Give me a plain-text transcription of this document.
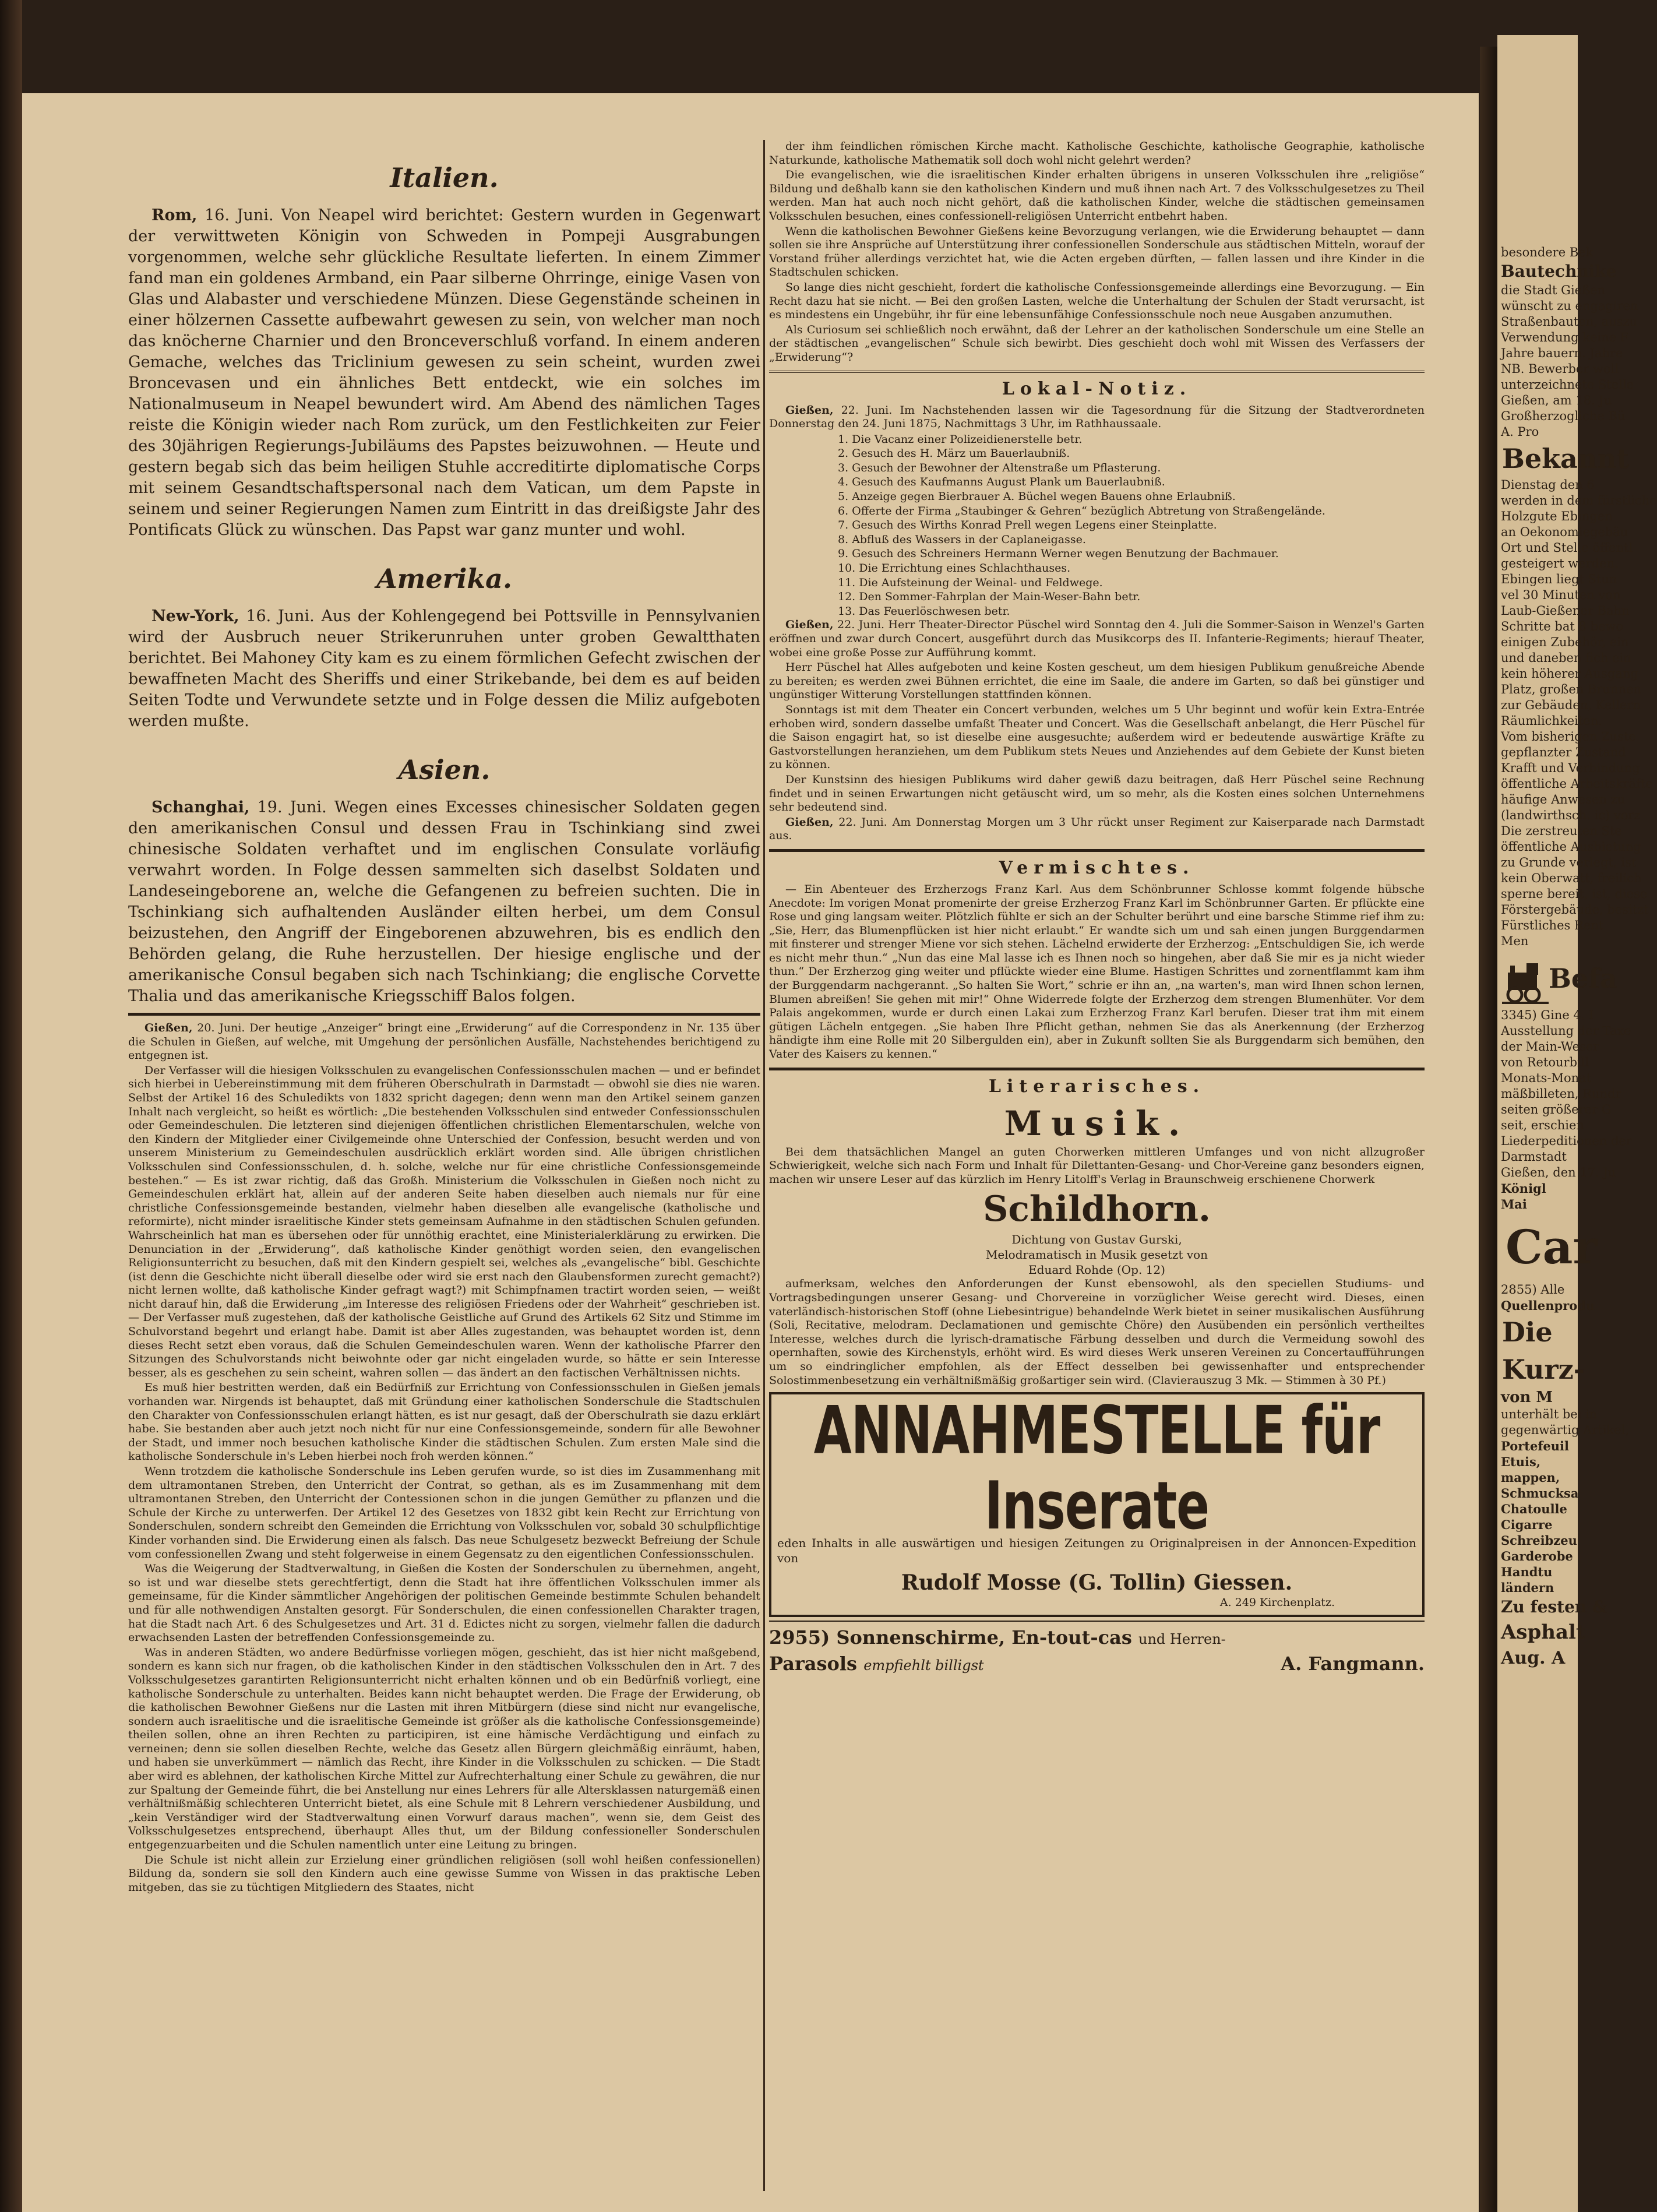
Italien.

Rom, 16. Juni. Von Neapel wird berichtet: Gestern wurden in Gegenwart der verwittweten Königin von Schweden in Pompeji Ausgrabungen vorgenommen, welche sehr glückliche Resultate lieferten. In einem Zimmer fand man ein goldenes Armband, ein Paar silberne Ohrringe, einige Vasen von Glas und Alabaster und verschiedene Münzen. Diese Gegenstände scheinen in einer hölzernen Cassette aufbewahrt gewesen zu sein, von welcher man noch das knöcherne Charnier und den Bronceverschluß vorfand. In einem anderen Gemache, welches das Triclinium gewesen zu sein scheint, wurden zwei Broncevasen und ein ähnliches Bett entdeckt, wie ein solches im Nationalmuseum in Neapel bewundert wird. Am Abend des nämlichen Tages reiste die Königin wieder nach Rom zurück, um den Festlichkeiten zur Feier des 30jährigen Regierungs-Jubiläums des Papstes beizuwohnen. — Heute und gestern begab sich das beim heiligen Stuhle accreditirte diplomatische Corps mit seinem Gesandtschaftspersonal nach dem Vatican, um dem Papste in seinem und seiner Regierungen Namen zum Eintritt in das dreißigste Jahr des Pontificats Glück zu wünschen. Das Papst war ganz munter und wohl.

Amerika.

New-York, 16. Juni. Aus der Kohlengegend bei Pottsville in Pennsylvanien wird der Ausbruch neuer Strikerunruhen unter groben Gewaltthaten berichtet. Bei Mahoney City kam es zu einem förmlichen Gefecht zwischen der bewaffneten Macht des Sheriffs und einer Strikebande, bei dem es auf beiden Seiten Todte und Verwundete setzte und in Folge dessen die Miliz aufgeboten werden mußte.

Asien.

Schanghai, 19. Juni. Wegen eines Excesses chinesischer Soldaten gegen den amerikanischen Consul und dessen Frau in Tschinkiang sind zwei chinesische Soldaten verhaftet und im englischen Consulate vorläufig verwahrt worden. In Folge dessen sammelten sich daselbst Soldaten und Landeseingeborene an, welche die Gefangenen zu befreien suchten. Die in Tschinkiang sich aufhaltenden Ausländer eilten herbei, um dem Consul beizustehen, den Angriff der Eingeborenen abzuwehren, bis es endlich den Behörden gelang, die Ruhe herzustellen. Der hiesige englische und der amerikanische Consul begaben sich nach Tschinkiang; die englische Corvette Thalia und das amerikanische Kriegsschiff Balos folgen.

Gießen, 20. Juni. Der heutige „Anzeiger“ bringt eine „Erwiderung“ auf die Correspondenz in Nr. 135 über die Schulen in Gießen, auf welche, mit Umgehung der persönlichen Ausfälle, Nachstehendes berichtigend zu entgegnen ist.

Der Verfasser will die hiesigen Volksschulen zu evangelischen Confessionsschulen machen — und er befindet sich hierbei in Uebereinstimmung mit dem früheren Oberschulrath in Darmstadt — obwohl sie dies nie waren. Selbst der Artikel 16 des Schuledikts von 1832 spricht dagegen; denn wenn man den Artikel seinem ganzen Inhalt nach vergleicht, so heißt es wörtlich: „Die bestehenden Volksschulen sind entweder Confessionsschulen oder Gemeindeschulen. Die letzteren sind diejenigen öffentlichen christlichen Elementarschulen, welche von den Kindern der Mitglieder einer Civilgemeinde ohne Unterschied der Confession, besucht werden und von unserem Ministerium zu Gemeindeschulen ausdrücklich erklärt worden sind. Alle übrigen christlichen Volksschulen sind Confessionsschulen, d. h. solche, welche nur für eine christliche Confessionsgemeinde bestehen.“ — Es ist zwar richtig, daß das Großh. Ministerium die Volksschulen in Gießen noch nicht zu Gemeindeschulen erklärt hat, allein auf der anderen Seite haben dieselben auch niemals nur für eine christliche Confessionsgemeinde bestanden, vielmehr haben dieselben alle evangelische (katholische und reformirte), nicht minder israelitische Kinder stets gemeinsam Aufnahme in den städtischen Schulen gefunden. Wahrscheinlich hat man es übersehen oder für unnöthig erachtet, eine Ministerialerklärung zu erwirken. Die Denunciation in der „Erwiderung“, daß katholische Kinder genöthigt worden seien, den evangelischen Religionsunterricht zu besuchen, daß mit den Kindern gespielt sei, welches als „evangelische“ bibl. Geschichte (ist denn die Geschichte nicht überall dieselbe oder wird sie erst nach den Glaubensformen zurecht gemacht?) nicht lernen wollte, daß katholische Kinder gefragt wagt?) mit Schimpfnamen tractirt worden seien, — weißt nicht darauf hin, daß die Erwiderung „im Interesse des religiösen Friedens oder der Wahrheit“ geschrieben ist. — Der Verfasser muß zugestehen, daß der katholische Geistliche auf Grund des Artikels 62 Sitz und Stimme im Schulvorstand begehrt und erlangt habe. Damit ist aber Alles zugestanden, was behauptet worden ist, denn dieses Recht setzt eben voraus, daß die Schulen Gemeindeschulen waren. Wenn der katholische Pfarrer den Sitzungen des Schulvorstands nicht beiwohnte oder gar nicht eingeladen wurde, so hätte er sein Interesse besser, als es geschehen zu sein scheint, wahren sollen — das ändert an den factischen Verhältnissen nichts.

Es muß hier bestritten werden, daß ein Bedürfniß zur Errichtung von Confessionsschulen in Gießen jemals vorhanden war. Nirgends ist behauptet, daß mit Gründung einer katholischen Sonderschule die Stadtschulen den Charakter von Confessionsschulen erlangt hätten, es ist nur gesagt, daß der Oberschulrath sie dazu erklärt habe. Sie bestanden aber auch jetzt noch nicht für nur eine Confessionsgemeinde, sondern für alle Bewohner der Stadt, und immer noch besuchen katholische Kinder die städtischen Schulen. Zum ersten Male sind die katholische Sonderschule in's Leben hierbei noch froh werden können.“

Wenn trotzdem die katholische Sonderschule ins Leben gerufen wurde, so ist dies im Zusammenhang mit dem ultramontanen Streben, den Unterricht der Contrat, so gethan, als es im Zusammenhang mit dem ultramontanen Streben, den Unterricht der Contessionen schon in die jungen Gemüther zu pflanzen und die Schule der Kirche zu unterwerfen. Der Artikel 12 des Gesetzes von 1832 gibt kein Recht zur Errichtung von Sonderschulen, sondern schreibt den Gemeinden die Errichtung von Volksschulen vor, sobald 30 schulpflichtige Kinder vorhanden sind. Die Erwiderung einen als falsch. Das neue Schulgesetz bezweckt Befreiung der Schule vom confessionellen Zwang und steht folgerweise in einem Gegensatz zu den eigentlichen Confessionsschulen.

Was die Weigerung der Stadtverwaltung, in Gießen die Kosten der Sonderschulen zu übernehmen, angeht, so ist und war dieselbe stets gerechtfertigt, denn die Stadt hat ihre öffentlichen Volksschulen immer als gemeinsame, für die Kinder sämmtlicher Angehörigen der politischen Gemeinde bestimmte Schulen behandelt und für alle nothwendigen Anstalten gesorgt. Für Sonderschulen, die einen confessionellen Charakter tragen, hat die Stadt nach Art. 6 des Schulgesetzes und Art. 31 d. Edictes nicht zu sorgen, vielmehr fallen die dadurch erwachsenden Lasten der betreffenden Confessionsgemeinde zu.

Was in anderen Städten, wo andere Bedürfnisse vorliegen mögen, geschieht, das ist hier nicht maßgebend, sondern es kann sich nur fragen, ob die katholischen Kinder in den städtischen Volksschulen den in Art. 7 des Volksschulgesetzes garantirten Religionsunterricht nicht erhalten können und ob ein Bedürfniß vorliegt, eine katholische Sonderschule zu unterhalten. Beides kann nicht behauptet werden. Die Frage der Erwiderung, ob die katholischen Bewohner Gießens nur die Lasten mit ihren Mitbürgern (diese sind nicht nur evangelische, sondern auch israelitische und die israelitische Gemeinde ist größer als die katholische Confessionsgemeinde) theilen sollen, ohne an ihren Rechten zu participiren, ist eine hämische Verdächtigung und einfach zu verneinen; denn sie sollen dieselben Rechte, welche das Gesetz allen Bürgern gleichmäßig einräumt, haben, und haben sie unverkümmert — nämlich das Recht, ihre Kinder in die Volksschulen zu schicken. — Die Stadt aber wird es ablehnen, der katholischen Kirche Mittel zur Aufrechterhaltung einer Schule zu gewähren, die nur zur Spaltung der Gemeinde führt, die bei Anstellung nur eines Lehrers für alle Altersklassen naturgemäß einen verhältnißmäßig schlechteren Unterricht bietet, als eine Schule mit 8 Lehrern verschiedener Ausbildung, und „kein Verständiger wird der Stadtverwaltung einen Vorwurf daraus machen“, wenn sie, dem Geist des Volksschulgesetzes entsprechend, überhaupt Alles thut, um der Bildung confessioneller Sonderschulen entgegenzuarbeiten und die Schulen namentlich unter eine Leitung zu bringen.

Die Schule ist nicht allein zur Erzielung einer gründlichen religiösen (soll wohl heißen confessionellen) Bildung da, sondern sie soll den Kindern auch eine gewisse Summe von Wissen in das praktische Leben mitgeben, das sie zu tüchtigen Mitgliedern des Staates, nicht

der ihm feindlichen römischen Kirche macht. Katholische Geschichte, katholische Geographie, katholische Naturkunde, katholische Mathematik soll doch wohl nicht gelehrt werden?

Die evangelischen, wie die israelitischen Kinder erhalten übrigens in unseren Volksschulen ihre „religiöse“ Bildung und deßhalb kann sie den katholischen Kindern und muß ihnen nach Art. 7 des Volksschulgesetzes zu Theil werden. Man hat auch noch nicht gehört, daß die katholischen Kinder, welche die städtischen gemeinsamen Volksschulen besuchen, eines confessionell-religiösen Unterricht entbehrt haben.

Wenn die katholischen Bewohner Gießens keine Bevorzugung verlangen, wie die Erwiderung behauptet — dann sollen sie ihre Ansprüche auf Unterstützung ihrer confessionellen Sonderschule aus städtischen Mitteln, worauf der Vorstand früher allerdings verzichtet hat, wie die Acten ergeben dürften, — fallen lassen und ihre Kinder in die Stadtschulen schicken.

So lange dies nicht geschieht, fordert die katholische Confessionsgemeinde allerdings eine Bevorzugung. — Ein Recht dazu hat sie nicht. — Bei den großen Lasten, welche die Unterhaltung der Schulen der Stadt verursacht, ist es mindestens ein Ungebühr, ihr für eine lebensunfähige Confessionsschule noch neue Ausgaben anzumuthen.

Als Curiosum sei schließlich noch erwähnt, daß der Lehrer an der katholischen Sonderschule um eine Stelle an der städtischen „evangelischen“ Schule sich bewirbt. Dies geschieht doch wohl mit Wissen des Verfassers der „Erwiderung“?

Lokal-Notiz.

Gießen, 22. Juni. Im Nachstehenden lassen wir die Tagesordnung für die Sitzung der Stadtverordneten Donnerstag den 24. Juni 1875, Nachmittags 3 Uhr, im Rathhaussaale.

1. Die Vacanz einer Polizeidienerstelle betr.
2. Gesuch des H. März um Bauerlaubniß.
3. Gesuch der Bewohner der Altenstraße um Pflasterung.
4. Gesuch des Kaufmanns August Plank um Bauerlaubniß.
5. Anzeige gegen Bierbrauer A. Büchel wegen Bauens ohne Erlaubniß.
6. Offerte der Firma „Staubinger & Gehren“ bezüglich Abtretung von Straßengelände.
7. Gesuch des Wirths Konrad Prell wegen Legens einer Steinplatte.
8. Abfluß des Wassers in der Caplaneigasse.
9. Gesuch des Schreiners Hermann Werner wegen Benutzung der Bachmauer.
10. Die Errichtung eines Schlachthauses.
11. Die Aufsteinung der Weinal- und Feldwege.
12. Den Sommer-Fahrplan der Main-Weser-Bahn betr.
13. Das Feuerlöschwesen betr.

Gießen, 22. Juni. Herr Theater-Director Püschel wird Sonntag den 4. Juli die Sommer-Saison in Wenzel's Garten eröffnen und zwar durch Concert, ausgeführt durch das Musikcorps des II. Infanterie-Regiments; hierauf Theater, wobei eine große Posse zur Aufführung kommt.

Herr Püschel hat Alles aufgeboten und keine Kosten gescheut, um dem hiesigen Publikum genußreiche Abende zu bereiten; es werden zwei Bühnen errichtet, die eine im Saale, die andere im Garten, so daß bei günstiger und ungünstiger Witterung Vorstellungen stattfinden können.

Sonntags ist mit dem Theater ein Concert verbunden, welches um 5 Uhr beginnt und wofür kein Extra-Entrée erhoben wird, sondern dasselbe umfaßt Theater und Concert. Was die Gesellschaft anbelangt, die Herr Püschel für die Saison engagirt hat, so ist dieselbe eine ausgesuchte; außerdem wird er bedeutende auswärtige Kräfte zu Gastvorstellungen heranziehen, um dem Publikum stets Neues und Anziehendes auf dem Gebiete der Kunst bieten zu können.

Der Kunstsinn des hiesigen Publikums wird daher gewiß dazu beitragen, daß Herr Püschel seine Rechnung findet und in seinen Erwartungen nicht getäuscht wird, um so mehr, als die Kosten eines solchen Unternehmens sehr bedeutend sind.

Gießen, 22. Juni. Am Donnerstag Morgen um 3 Uhr rückt unser Regiment zur Kaiserparade nach Darmstadt aus.

Vermischtes.

— Ein Abenteuer des Erzherzogs Franz Karl. Aus dem Schönbrunner Schlosse kommt folgende hübsche Anecdote: Im vorigen Monat promenirte der greise Erzherzog Franz Karl im Schönbrunner Garten. Er pflückte eine Rose und ging langsam weiter. Plötzlich fühlte er sich an der Schulter berührt und eine barsche Stimme rief ihm zu: „Sie, Herr, das Blumenpflücken ist hier nicht erlaubt.“ Er wandte sich um und sah einen jungen Burggendarmen mit finsterer und strenger Miene vor sich stehen. Lächelnd erwiderte der Erzherzog: „Entschuldigen Sie, ich werde es nicht mehr thun.“ „Nun das eine Mal lasse ich es Ihnen noch so hingehen, aber daß Sie mir es ja nicht wieder thun.“ Der Erzherzog ging weiter und pflückte wieder eine Blume. Hastigen Schrittes und zornentflammt kam ihm der Burggendarm nachgerannt. „So halten Sie Wort,“ schrie er ihn an, „na warten's, man wird Ihnen schon lernen, Blumen abreißen! Sie gehen mit mir!“ Ohne Widerrede folgte der Erzherzog dem strengen Blumenhüter. Vor dem Palais angekommen, wurde er durch einen Lakai zum Erzherzog Franz Karl berufen. Dieser trat ihm mit einem gütigen Lächeln entgegen. „Sie haben Ihre Pflicht gethan, nehmen Sie das als Anerkennung (der Erzherzog händigte ihm eine Rolle mit 20 Silbergulden ein), aber in Zukunft sollten Sie als Burggendarm sich bemühen, den Vater des Kaisers zu kennen.“

Literarisches.
Musik.

Bei dem thatsächlichen Mangel an guten Chorwerken mittleren Umfanges und von nicht allzugroßer Schwierigkeit, welche sich nach Form und Inhalt für Dilettanten-Gesang- und Chor-Vereine ganz besonders eignen, machen wir unsere Leser auf das kürzlich im Henry Litolff's Verlag in Braunschweig erschienene Chorwerk

Schildhorn.

Dichtung von Gustav Gurski,

Melodramatisch in Musik gesetzt von

Eduard Rohde (Op. 12)

aufmerksam, welches den Anforderungen der Kunst ebensowohl, als den speciellen Studiums- und Vortragsbedingungen unserer Gesang- und Chorvereine in vorzüglicher Weise gerecht wird. Dieses, einen vaterländisch-historischen Stoff (ohne Liebesintrigue) behandelnde Werk bietet in seiner musikalischen Ausführung (Soli, Recitative, melodram. Declamationen und gemischte Chöre) den Ausübenden ein persönlich vertheiltes Interesse, welches durch die lyrisch-dramatische Färbung desselben und durch die Vermeidung sowohl des opernhaften, sowie des Kirchenstyls, erhöht wird. Es wird dieses Werk unseren Vereinen zu Concertaufführungen um so eindringlicher empfohlen, als der Effect desselben bei gewissenhafter und entsprechender Solostimmenbesetzung ein verhältnißmäßig großartiger sein wird. (Clavierauszug 3 Mk. — Stimmen à 30 Pf.)

ANNAHMESTELLE für Inserate

eden Inhalts in alle auswärtigen und hiesigen Zeitungen zu Originalpreisen in der Annoncen-Expedition von

Rudolf Mosse (G. Tollin) Giessen.

A. 249 Kirchenplatz.

2955) Sonnenschirme, En-tout-cas und Herren-
Parasols empfiehlt billigst	A. Fangmann.
besondere Bek
Bautechnike
die Stadt Gießen
wünscht zu engagiren
Straßenbauten, auszu
Verwendung keine F
Jahre bauern. Jahre
NB. Bewerber woll
unterzeichnete Stelle
Gießen, am 18. Ju
Großherzogliche Bü
A. Pro
Bekannt
Dienstag den 6
werden in dem fürstliche
Holzgute Ebingen
an Oekonomiegebäu
Ort und Stelle öffentl
gesteigert werden.
Ebingen liegt Stun
vel 30 Minuten von
Laub-Gießener Bahn
Schritte bat 8 bewo
einigen Zubehör, ein
und daneben fich ein
kein höherer Ausgang
Platz, großen Brunnen
zur Gebäuden, Kellern
Räumlichkeiten.
Vom bisherigen Zuste
gepflanzter Zustand
Krafft und Verbindung
öffentliche Arbeitskräfte
häufige Anwesen zu
(landwirthsch. ic) vorz
Die zerstreuten Ste
öffentliche Ausbietung
zu Grunde verlegt, ist
kein Oberwatt, freilich
sperne bereit, ist, diese
Förstergebäude, besitzt
Fürstliches Rent
Men
Befa
3345) Gine 4. I
Ausstellung der Taxe
der Main-Weser
von Retourbill
Monats-Monat
mäßbilleten, Rundr
seiten größerer G
seit, erschien
Liederpeditionen der
Darmstadt
Gießen, den 17. Ju
Königl
Mai
Car
2855) Alle
Quellenprodu
Die Kurz-
von M
unterhält bei in
gegenwärtig Artikel,
Portefeuil
Etuis,
mappen,
Schmucksa
Chatoulle
Cigarre
Schreibzeu
Garderobe
Handtu
ländern
Zu festen &
Asphalt
Aug. A
